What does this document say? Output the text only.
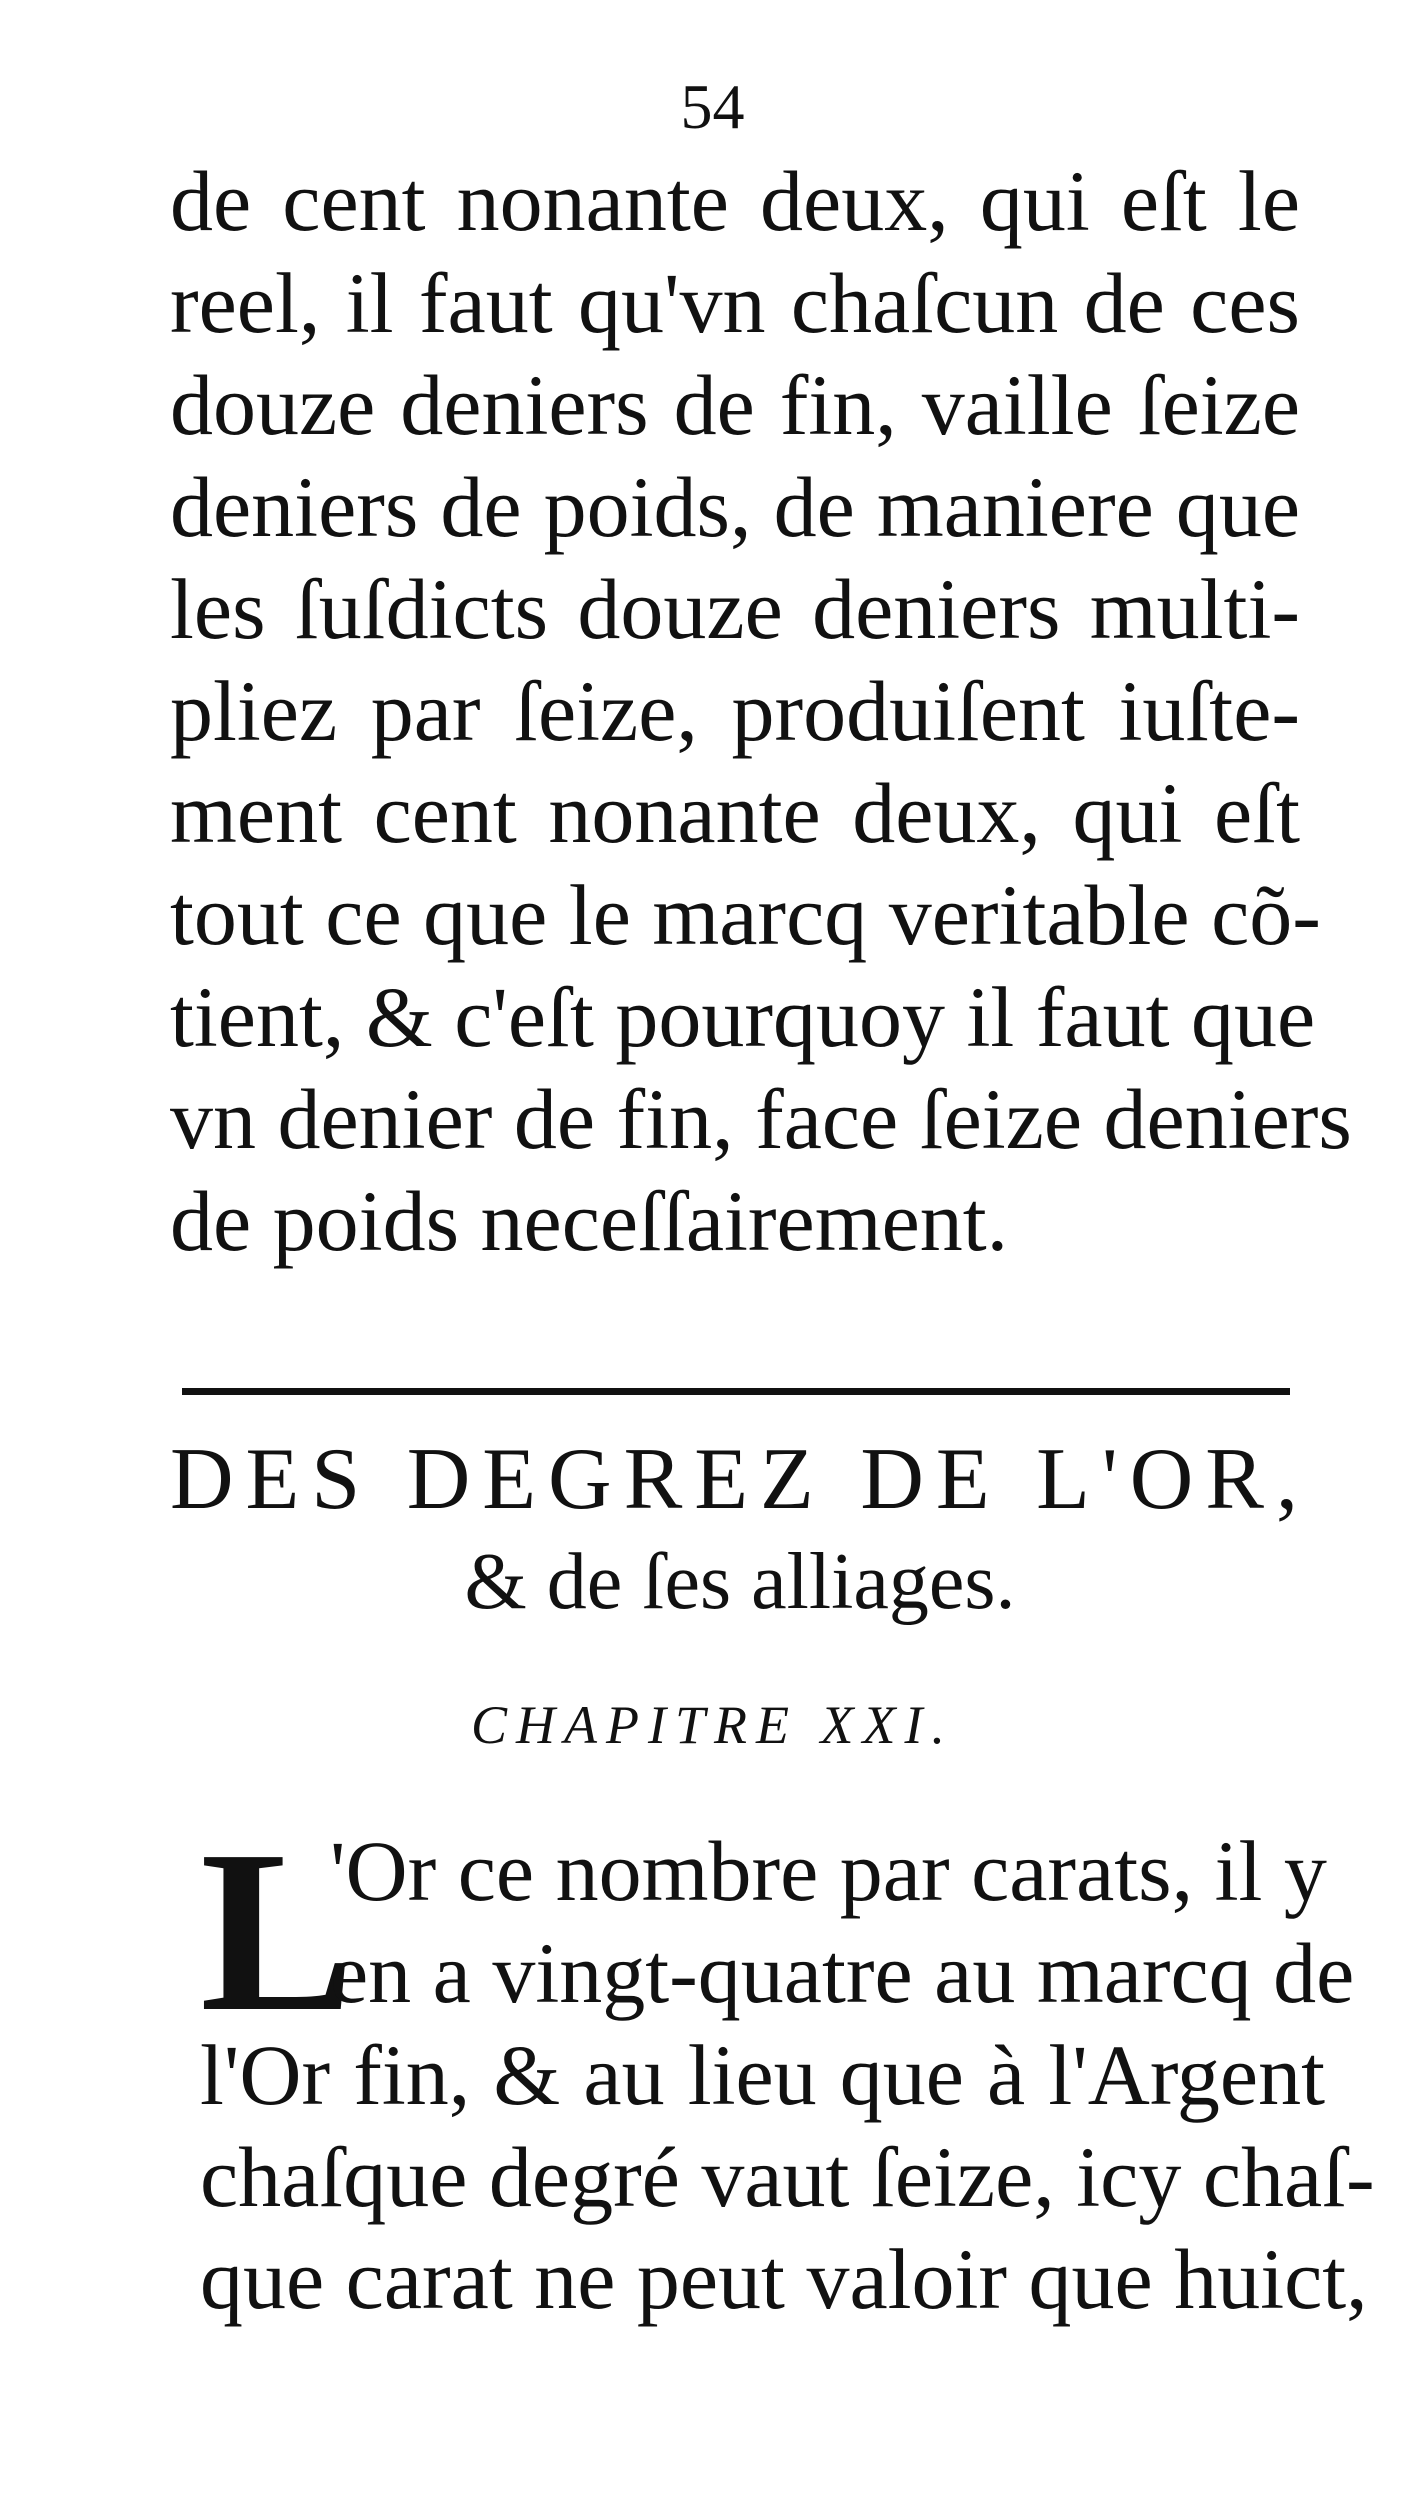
54
de cent nonante deux, qui eſt le
reel, il faut qu'vn chaſcun de ces
douze deniers de fin, vaille ſeize
deniers de poids, de maniere que
les ſuſdicts douze deniers multi-
pliez par ſeize, produiſent iuſte-
ment cent nonante deux, qui eſt
tout ce que le marcq veritable cõ-
tient, & c'eſt pourquoy il faut que
vn denier de fin, face ſeize deniers
de poids neceſſairement.
DES DEGREZ DE L'OR,
& de ſes alliages.
CHAPITRE XXI.
L
'Or ce nombre par carats, il y
en a vingt-quatre au marcq de
l'Or fin, & au lieu que à l'Argent
chaſque degré vaut ſeize, icy chaſ-
que carat ne peut valoir que huict,
